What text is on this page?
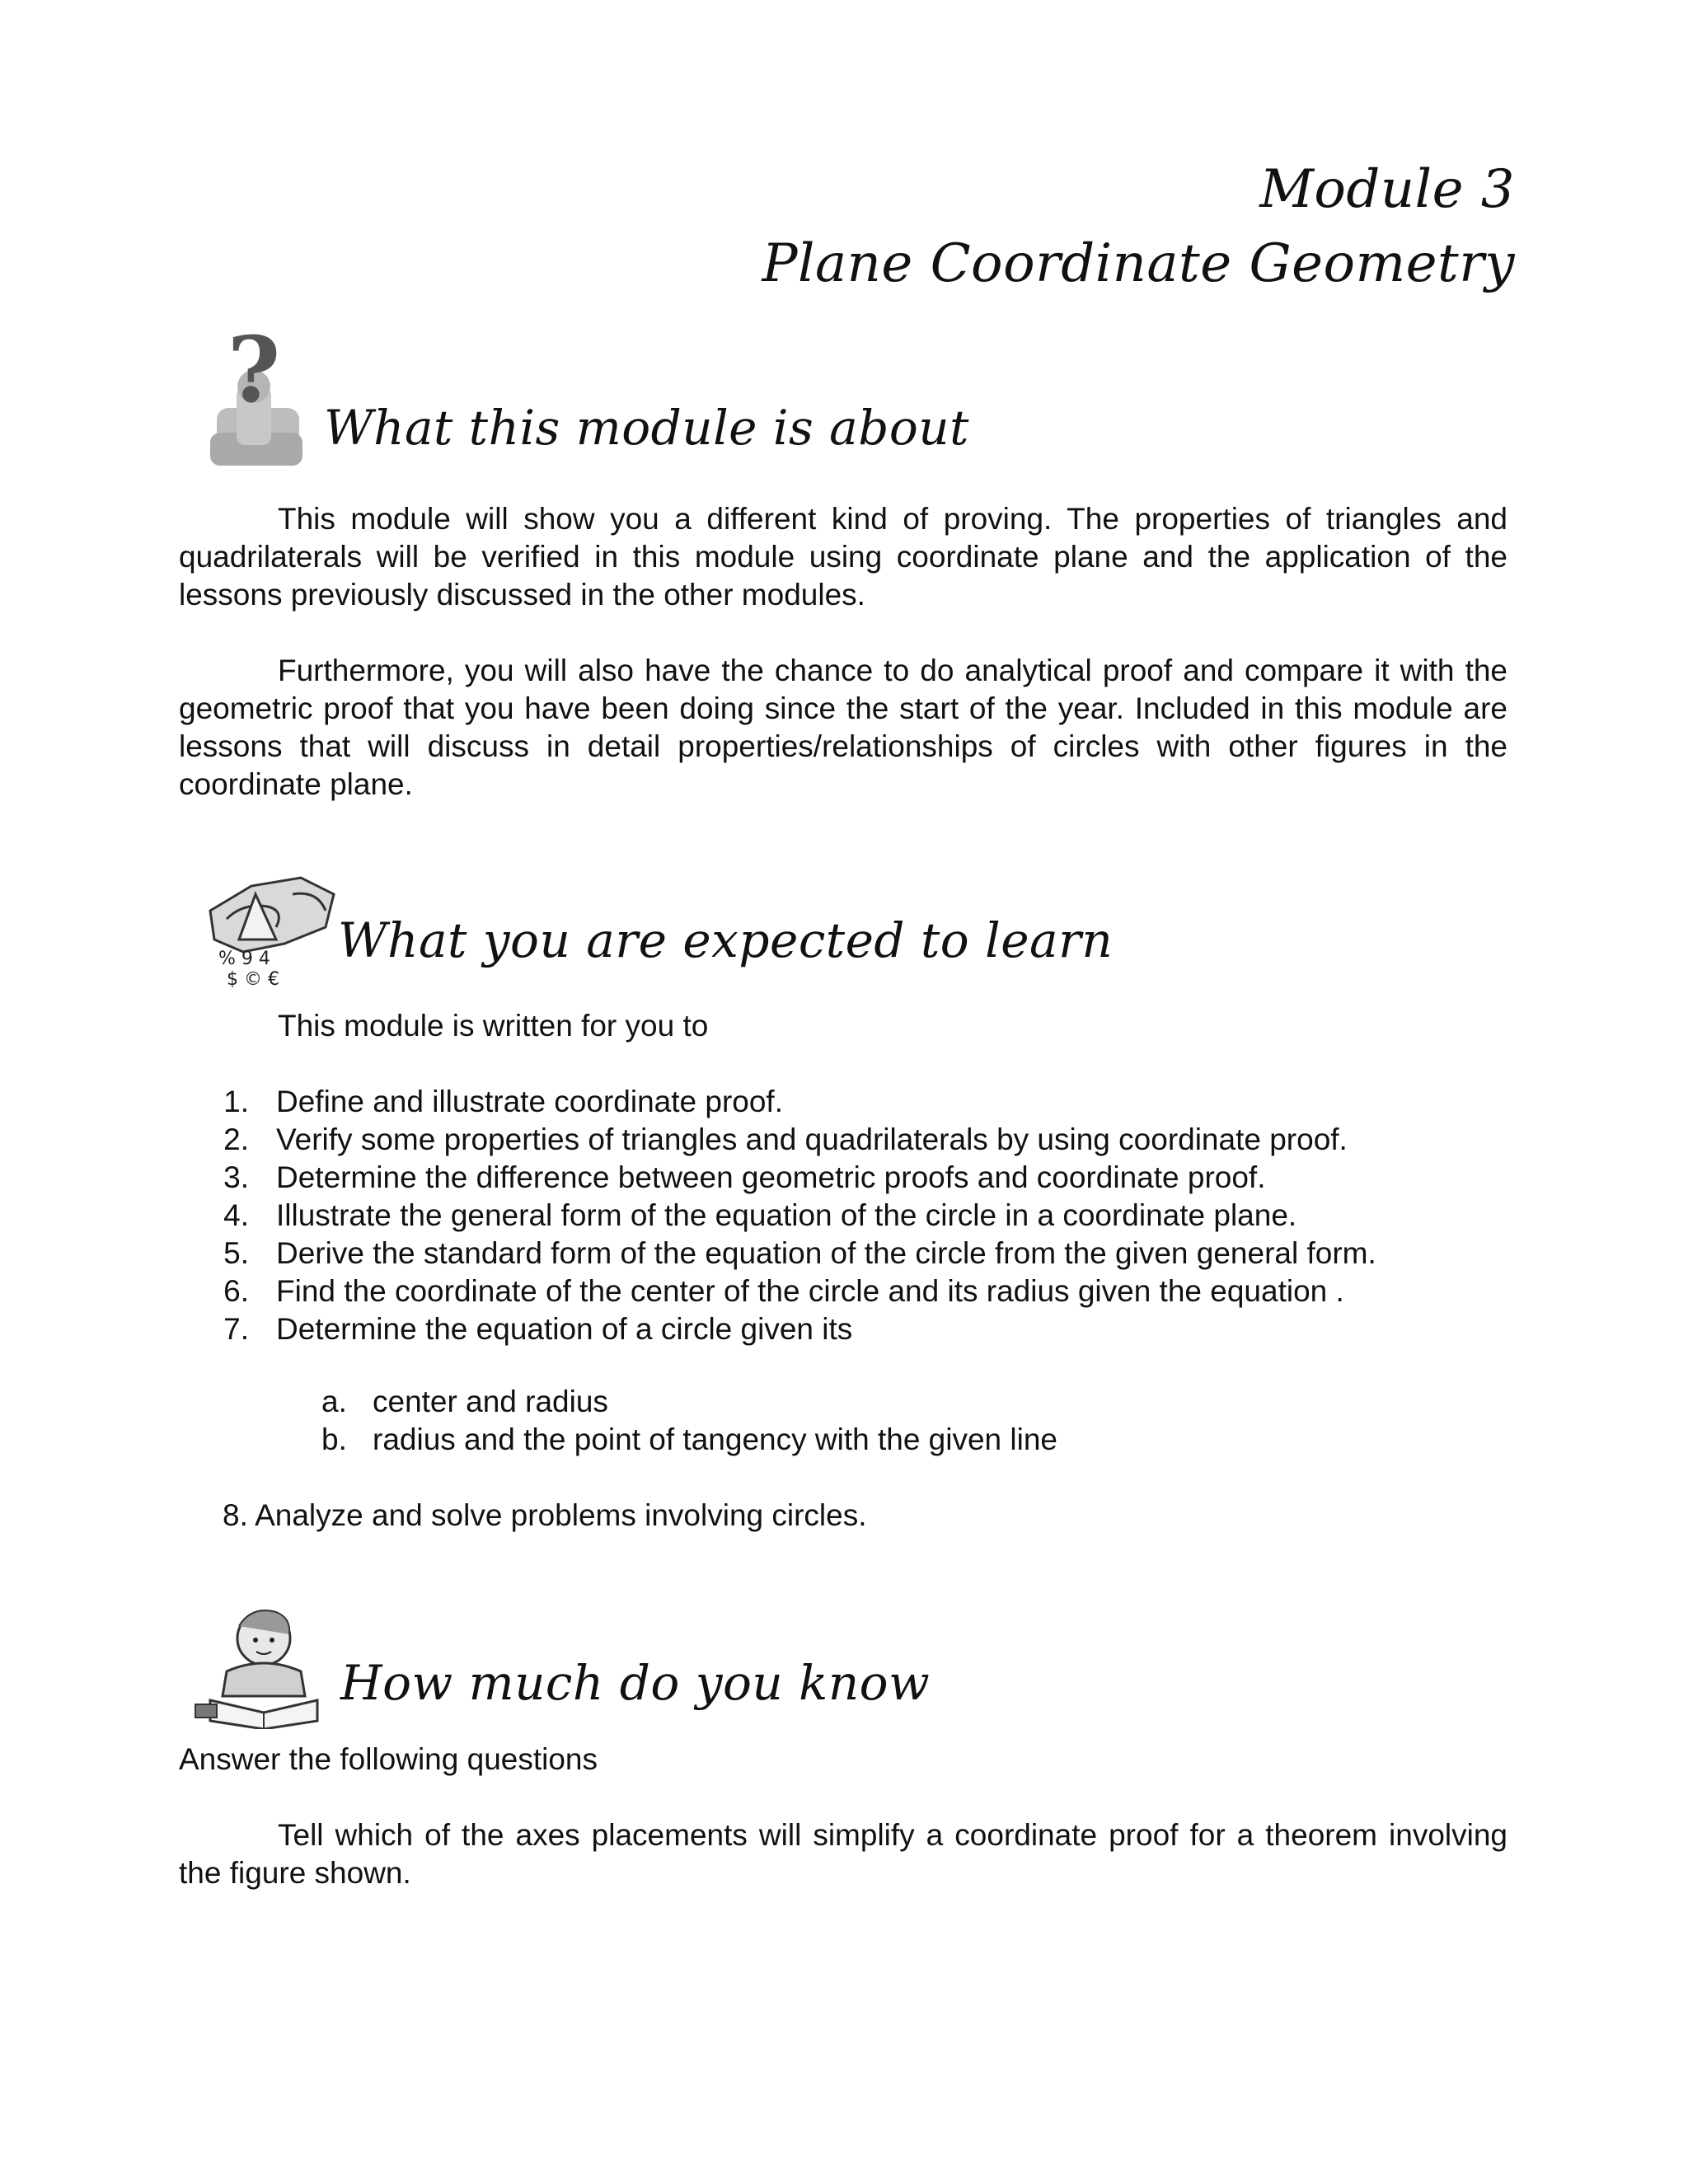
Module 3
Plane Coordinate Geometry
?
What this module is about

This module will show you a different kind of proving. The properties of triangles and quadrilaterals will be verified in this module using coordinate plane and the application of the lessons previously discussed in the other modules.

Furthermore, you will also have the chance to do analytical proof and compare it with the geometric proof that you have been doing since the start of the year. Included in this module are lessons that will discuss in detail properties/relationships of circles with other figures in the coordinate plane.

% 9 4
$ © €
What you are expected to learn
This module is written for you to
1. Define and illustrate coordinate proof.
2. Verify some properties of triangles and quadrilaterals by using coordinate proof.
3. Determine the difference between geometric proofs and coordinate proof.
4. Illustrate the general form of the equation of the circle in a coordinate plane.
5. Derive the standard form of the equation of the circle from the given general form.
6. Find the coordinate of the center of the circle and its radius given the equation .
7. Determine the equation of a circle given its
a. center and radius
b. radius and the point of tangency with the given line
8. Analyze and solve problems involving circles.
How much do you know
Answer the following questions

Tell which of the axes placements will simplify a coordinate proof for a theorem involving the figure shown.
